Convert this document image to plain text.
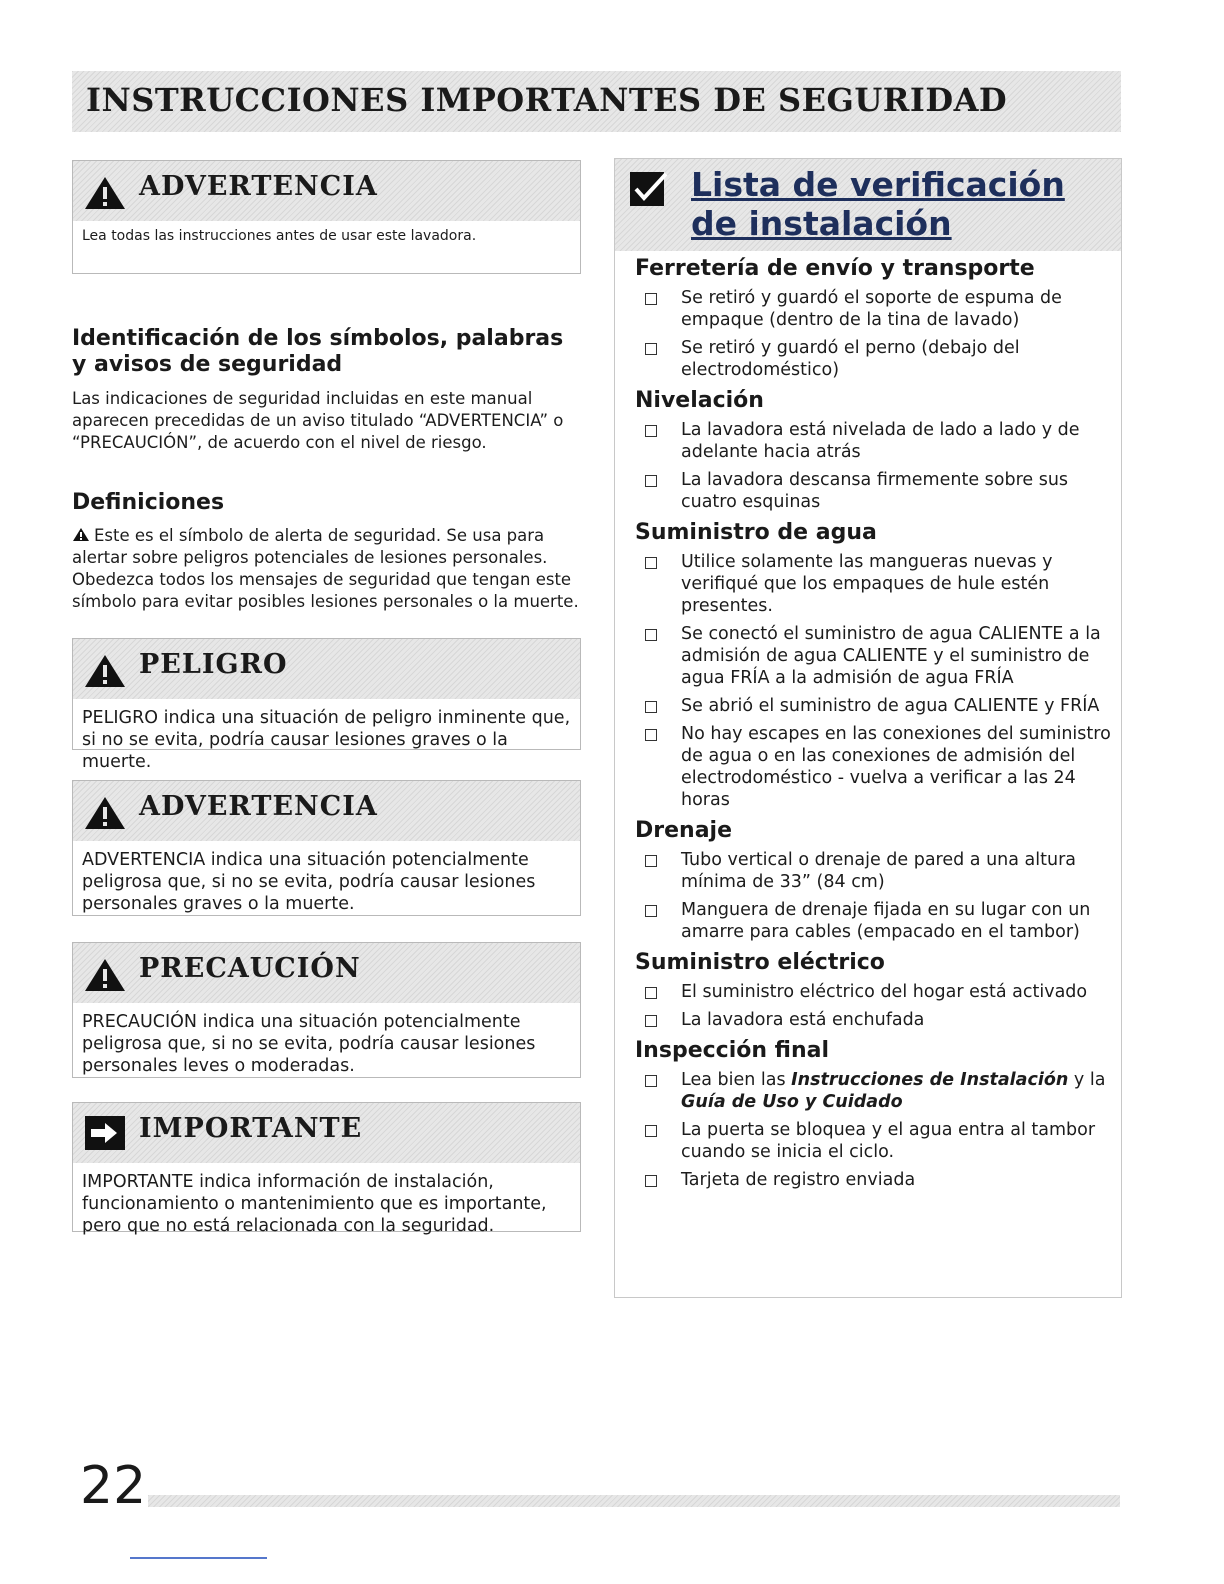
INSTRUCCIONES IMPORTANTES DE SEGURIDAD
ADVERTENCIA
Lea todas las instrucciones antes de usar este lavadora.
Identificación de los símbolos, palabras y avisos de seguridad

Las indicaciones de seguridad incluidas en este manual aparecen precedidas de un aviso titulado “ADVERTENCIA” o “PRECAUCIÓN”, de acuerdo con el nivel de riesgo.

Definiciones
Este es el símbolo de alerta de seguridad. Se usa para alertar sobre peligros potenciales de lesiones personales. Obedezca todos los mensajes de seguridad que tengan este símbolo para evitar posibles lesiones personales o la muerte.
PELIGRO
PELIGRO indica una situación de peligro inminente que, si no se evita, podría causar lesiones graves o la muerte.
ADVERTENCIA
ADVERTENCIA indica una situación potencialmente peligrosa que, si no se evita, podría causar lesiones personales graves o la muerte.
PRECAUCIÓN
PRECAUCIÓN indica una situación potencialmente peligrosa que, si no se evita, podría causar lesiones personales leves o moderadas.
IMPORTANTE
IMPORTANTE indica información de instalación, funcionamiento o mantenimiento que es importante, pero que no está relacionada con la seguridad.
Lista de verificación de instalación
Ferretería de envío y transporte
Se retiró y guardó el soporte de espuma de empaque (dentro de la tina de lavado)
Se retiró y guardó el perno (debajo del electrodoméstico)
Nivelación
La lavadora está nivelada de lado a lado y de adelante hacia atrás
La lavadora descansa firmemente sobre sus cuatro esquinas
Suministro de agua
Utilice solamente las mangueras nuevas y verifiqué que los empaques de hule estén presentes.
Se conectó el suministro de agua CALIENTE a la admisión de agua CALIENTE y el suministro de agua FRÍA a la admisión de agua FRÍA
Se abrió el suministro de agua CALIENTE y FRÍA
No hay escapes en las conexiones del suministro de agua o en las conexiones de admisión del electrodoméstico - vuelva a verificar a las 24 horas
Drenaje
Tubo vertical o drenaje de pared a una altura mínima de 33” (84 cm)
Manguera de drenaje fijada en su lugar con un amarre para cables (empacado en el tambor)
Suministro eléctrico
El suministro eléctrico del hogar está activado
La lavadora está enchufada
Inspección final
Lea bien las Instrucciones de Instalación y la Guía de Uso y Cuidado
La puerta se bloquea y el agua entra al tambor cuando se inicia el ciclo.
Tarjeta de registro enviada

22
